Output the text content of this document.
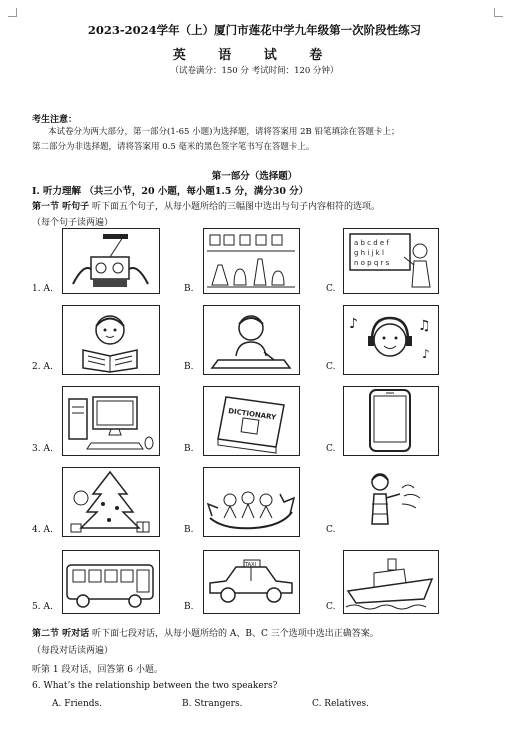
2023-2024学年（上）厦门市莲花中学九年级第一次阶段性练习
英 语 试 卷
（试卷满分：150 分 考试时间：120 分钟）
考生注意：
本试卷分为两大部分，第一部分(1-65 小题)为选择题，请将答案用 2B 铅笔填涂在答题卡上；
第二部分为非选择题，请将答案用 0.5 毫米的黑色签字笔书写在答题卡上。
第一部分（选择题）
I. 听力理解 （共三小节，20 小题，每小题1.5 分，满分30 分）
第一节 听句子 听下面五个句子，从每小题所给的三幅图中选出与句子内容相符的选项。
（每个句子读两遍）
1. A.	B.	C.
a b c d e f
g h i j k l
n o p q r s
2. A.	B.	C.
♪	♫
♪
3. A.	B.
DICTIONARY
C.
4. A.	B.	C.
5. A.	B.
TAXI
C.
第二节 听对话 听下面七段对话，从每小题所给的 A、B、C 三个选项中选出正确答案。
（每段对话读两遍）
听第 1 段对话，回答第 6 小题。
6. What’s the relationship between the two speakers?
A. Friends.	B. Strangers.	C. Relatives.
